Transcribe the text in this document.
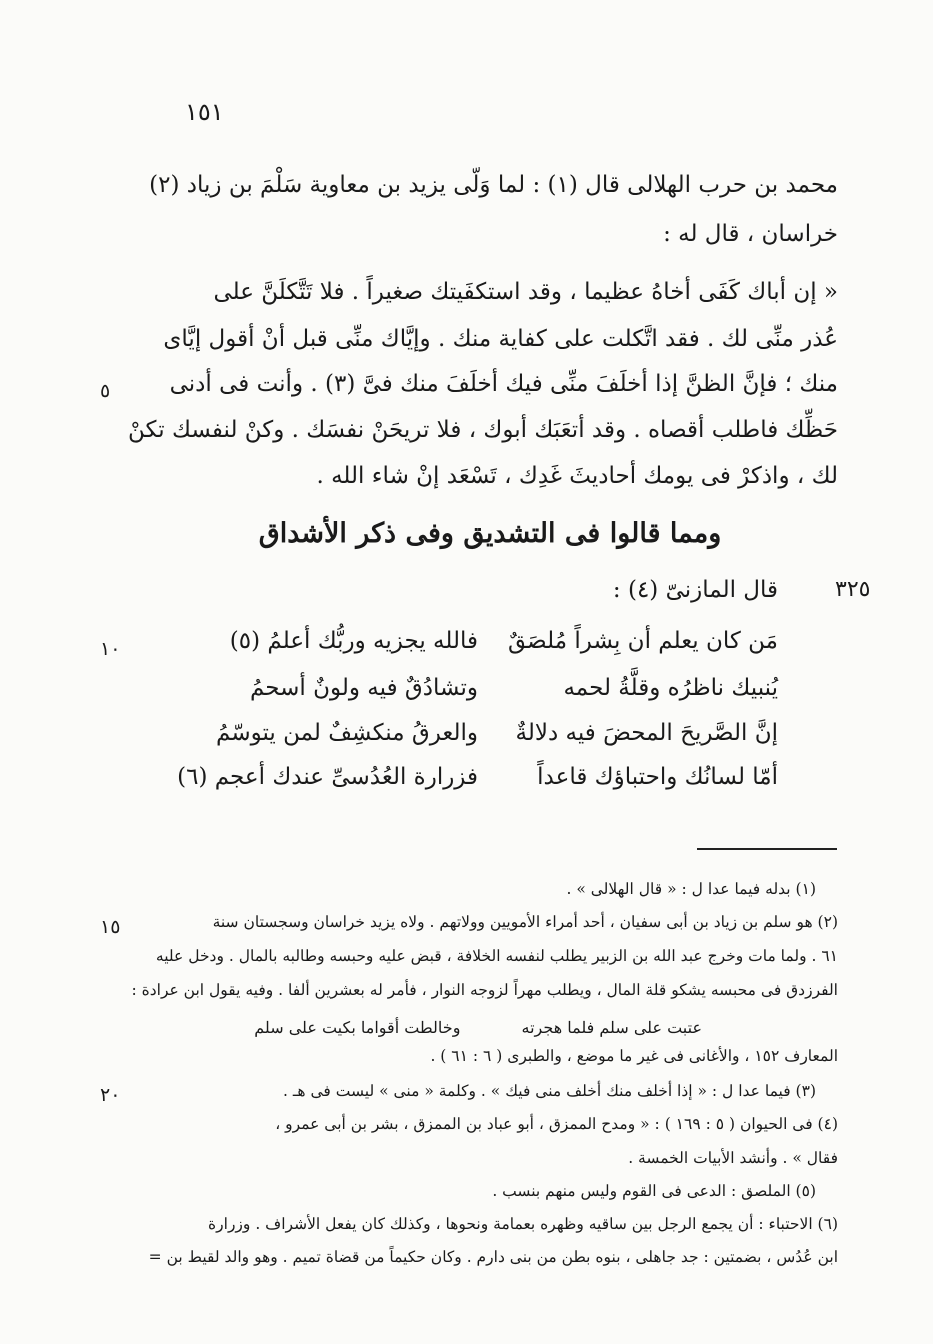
١٥١
محمد بن حرب الهلالى قال (١) : لما وَلّى يزيد بن معاوية سَلْمَ بن زياد (٢)
خراسان ، قال له :
« إن أباك كَفَى أخاهُ عظيما ، وقد استكفَيتك صغيراً . فلا تَتَّكلَنَّ على
عُذر منِّى لك . فقد اتَّكلت على كفاية منك . وإيَّاك منِّى قبل أنْ أقول إيَّاى
منك ؛ فإنَّ الظنَّ إذا أخلَفَ منِّى فيك أخلَفَ منك فىَّ (٣) . وأنت فى أدنى
حَظِّك فاطلب أقصاه . وقد أتعَبَك أبوك ، فلا تريحَنْ نفسَك . وكنْ لنفسك تكنْ
لك ، واذكرْ فى يومك أحاديثَ غَدِك ، تَسْعَد إنْ شاء الله .
٥
ومما قالوا فى التشديق وفى ذكر الأشداق
٣٢٥
قال المازنىّ (٤) :
١٠	مَن كان يعلم أن بِشراً مُلصَقٌ
فالله يجزيه وربُّك أعلمُ (٥)
يُنبيك ناظرُه وقلَّةُ لحمه
وتشادُقٌ فيه ولونٌ أسحمُ
إنَّ الصَّريحَ المحضَ فيه دلالةٌ
والعرقُ منكشِفٌ لمن يتوسّمُ
أمّا لسانُك واحتباؤك قاعداً
فزرارة العُدُسىِّ عندك أعجم (٦)
(١) بدله فيما عدا ل : « قال الهلالى » .
(٢) هو سلم بن زياد بن أبى سفيان ، أحد أمراء الأمويين وولاتهم . ولاه يزيد خراسان وسجستان سنة
١٥
٦١ . ولما مات وخرج عبد الله بن الزبير يطلب لنفسه الخلافة ، قبض عليه وحبسه وطالبه بالمال . ودخل عليه
الفرزدق فى محبسه يشكو قلة المال ، ويطلب مهراً لزوجه النوار ، فأمر له بعشرين ألفا . وفيه يقول ابن عرادة :
عتبت على سلم فلما هجرته وخالطت أقواما بكيت على سلم
المعارف ١٥٢ ، والأغانى فى غير ما موضع ، والطبرى ( ٦ : ٦١ ) .
(٣) فيما عدا ل : « إذا أخلف منك أخلف منى فيك » . وكلمة « منى » ليست فى هـ .
٢٠
(٤) فى الحيوان ( ٥ : ١٦٩ ) : « ومدح الممزق ، أبو عباد بن الممزق ، بشر بن أبى عمرو ،
فقال » . وأنشد الأبيات الخمسة .
(٥) الملصق : الدعى فى القوم وليس منهم بنسب .
(٦) الاحتباء : أن يجمع الرجل بين ساقيه وظهره بعمامة ونحوها ، وكذلك كان يفعل الأشراف . وزرارة
ابن عُدُس ، بضمتين : جد جاهلى ، بنوه بطن من بنى دارم . وكان حكيماً من قضاة تميم . وهو والد لقيط بن =
